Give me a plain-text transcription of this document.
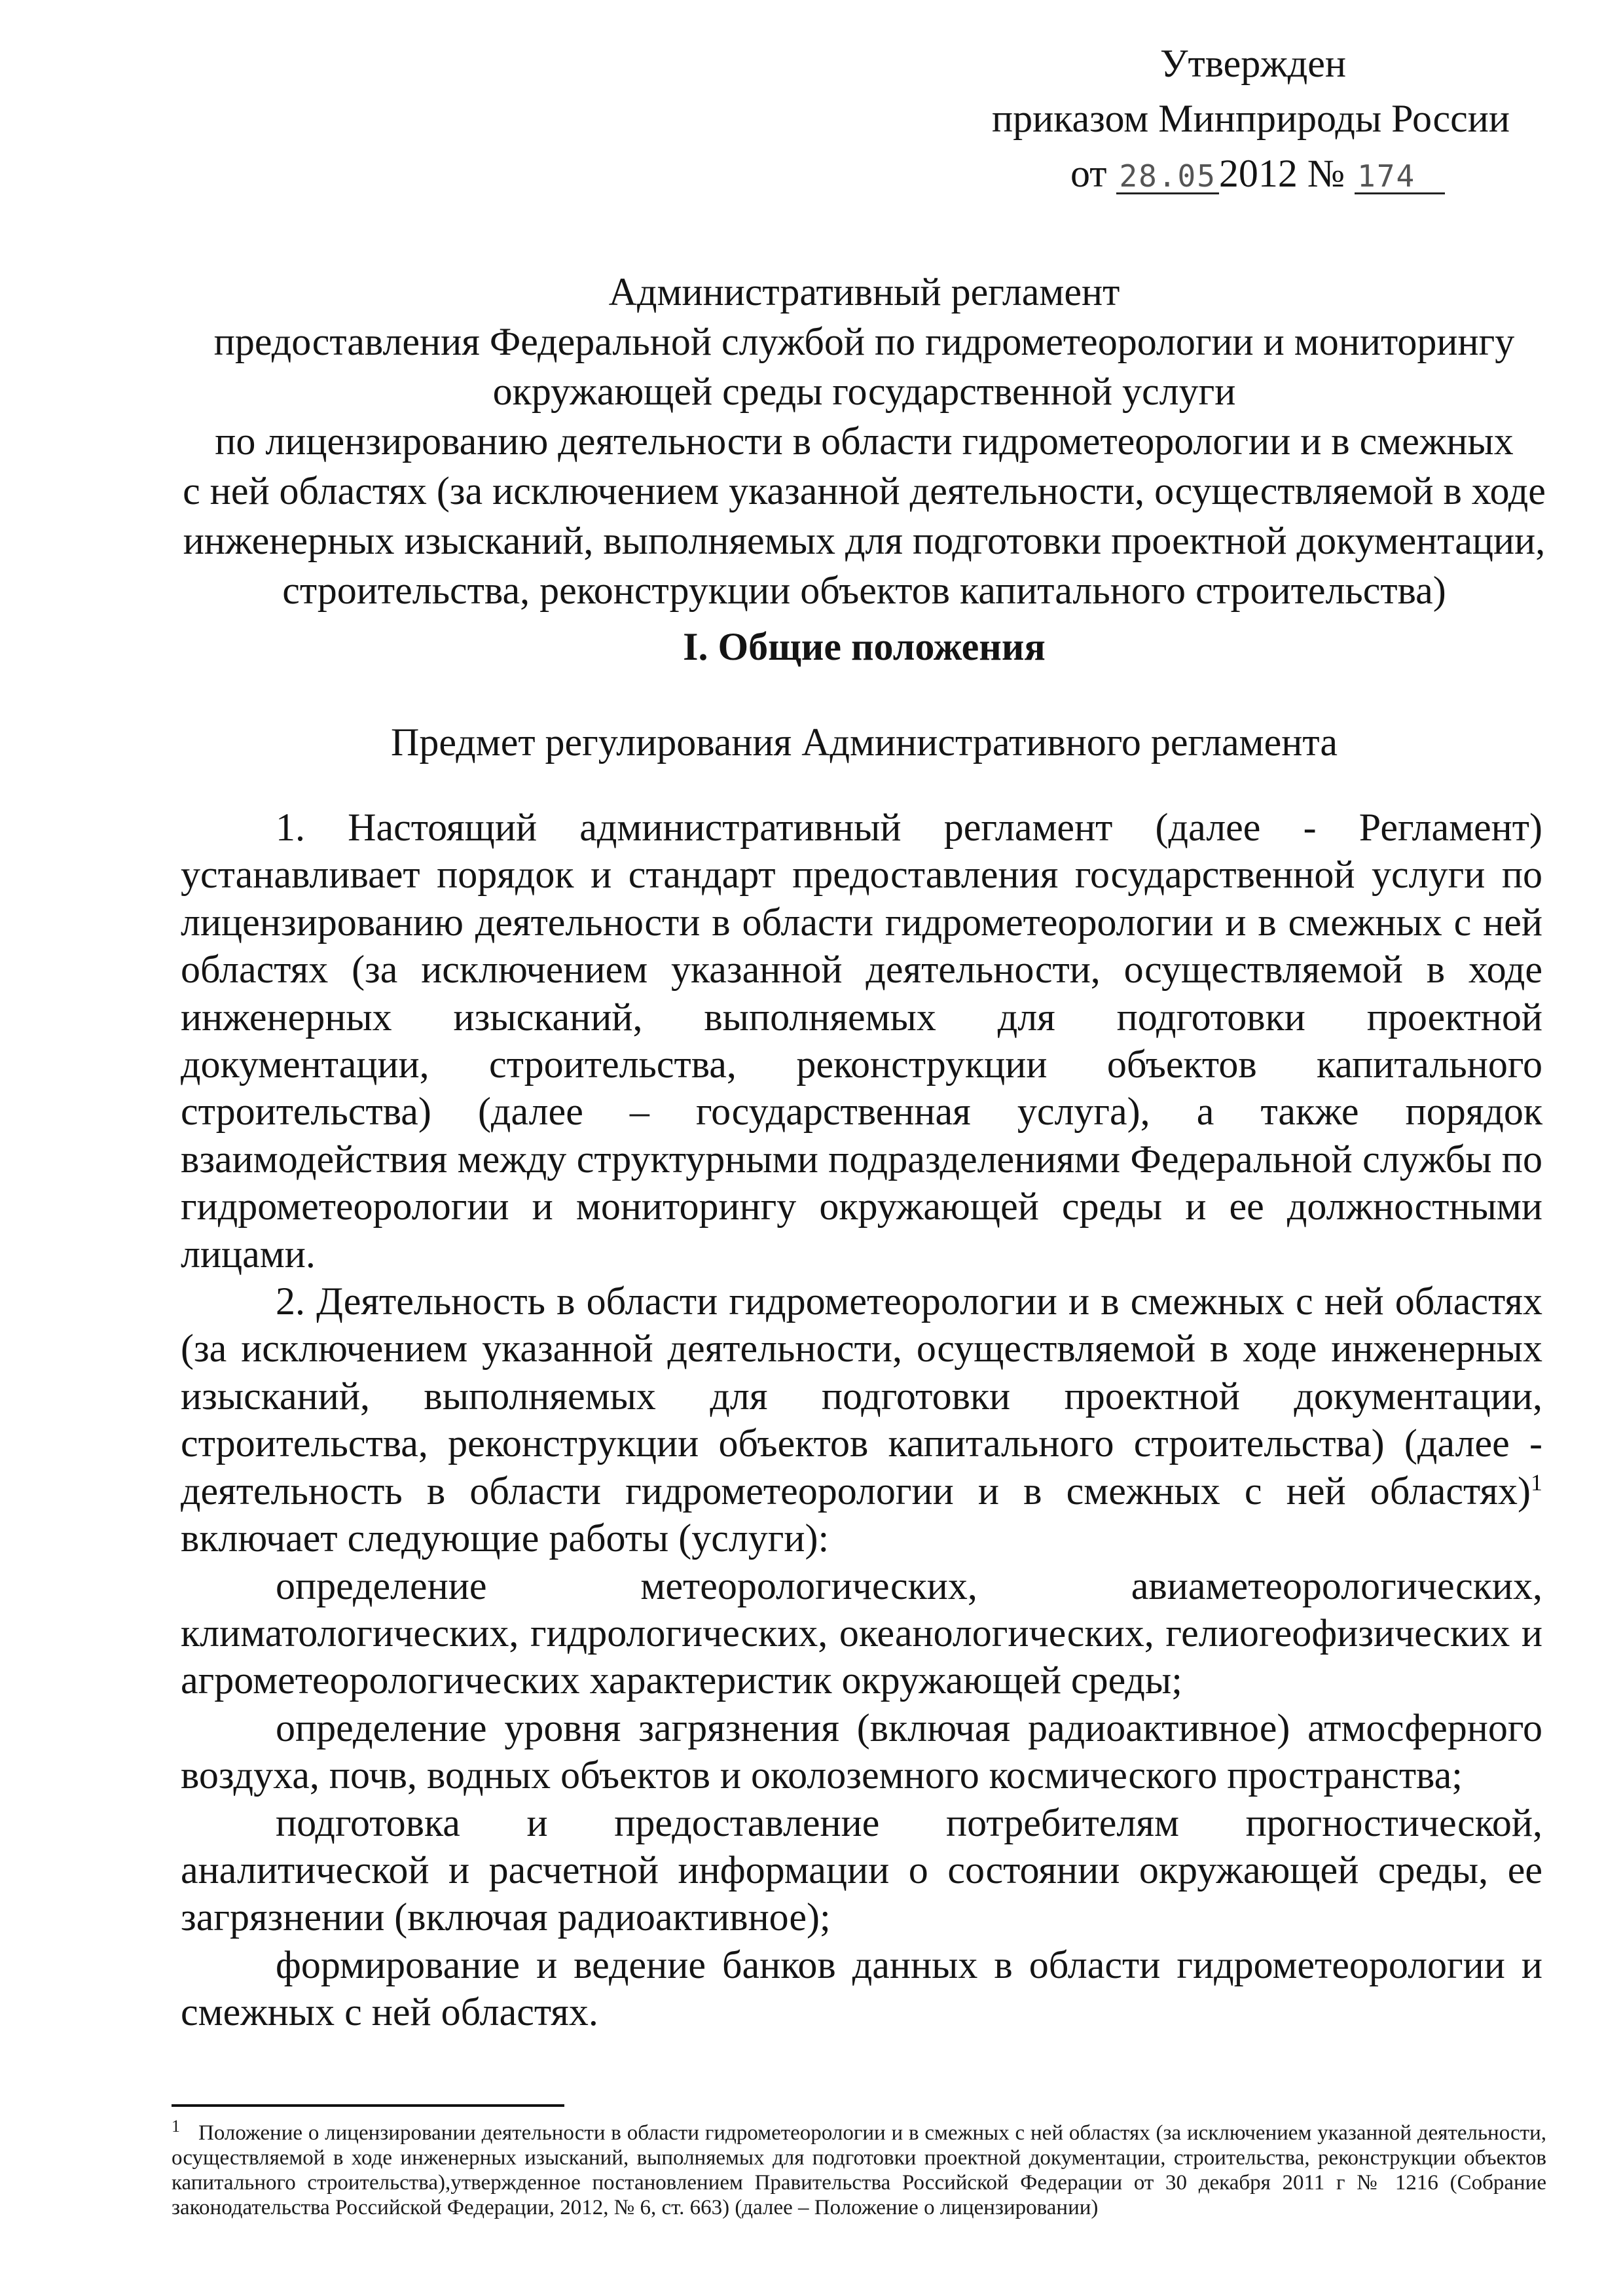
Утвержден
приказом Минприроды России
от 28.052012 № 174
Административный регламент
предоставления Федеральной службой по гидрометеорологии и мониторингу
окружающей среды государственной услуги
по лицензированию деятельности в области гидрометеорологии и в смежных
с ней областях (за исключением указанной деятельности, осуществляемой в ходе
инженерных изысканий, выполняемых для подготовки проектной документации,
строительства, реконструкции объектов капитального строительства)
I. Общие положения
Предмет регулирования Административного регламента

1. Настоящий административный регламент (далее - Регламент) устанавливает порядок и стандарт предоставления государственной услуги по лицензированию деятельности в области гидрометеорологии и в смежных с ней областях (за исключением указанной деятельности, осуществляемой в ходе инженерных изысканий, выполняемых для подготовки проектной документации, строительства, реконструкции объектов капитального строительства) (далее – государственная услуга), а также порядок взаимодействия между структурными подразделениями Федеральной службы по гидрометеорологии и мониторингу окружающей среды и ее должностными лицами.

2. Деятельность в области гидрометеорологии и в смежных с ней областях (за исключением указанной деятельности, осуществляемой в ходе инженерных изысканий, выполняемых для подготовки проектной документации, строительства, реконструкции объектов капитального строительства) (далее - деятельность в области гидрометеорологии и в смежных с ней областях)$^1$ включает следующие работы (услуги):

определение метеорологических, авиаметеорологических, климатологических, гидрологических, океанологических, гелиогеофизических и агрометеорологических характеристик окружающей среды;

определение уровня загрязнения (включая радиоактивное) атмосферного воздуха, почв, водных объектов и околоземного космического пространства;

подготовка и предоставление потребителям прогностической, аналитической и расчетной информации о состоянии окружающей среды, ее загрязнении (включая радиоактивное);

формирование и ведение банков данных в области гидрометеорологии и смежных с ней областях.

$^1$ Положение о лицензировании деятельности в области гидрометеорологии и в смежных с ней областях (за исключением указанной деятельности, осуществляемой в ходе инженерных изысканий, выполняемых для подготовки проектной документации, строительства, реконструкции объектов капитального строительства),утвержденное постановлением Правительства Российской Федерации от 30 декабря 2011 г № 1216 (Собрание законодательства Российской Федерации, 2012, № 6, ст. 663) (далее – Положение о лицензировании)
